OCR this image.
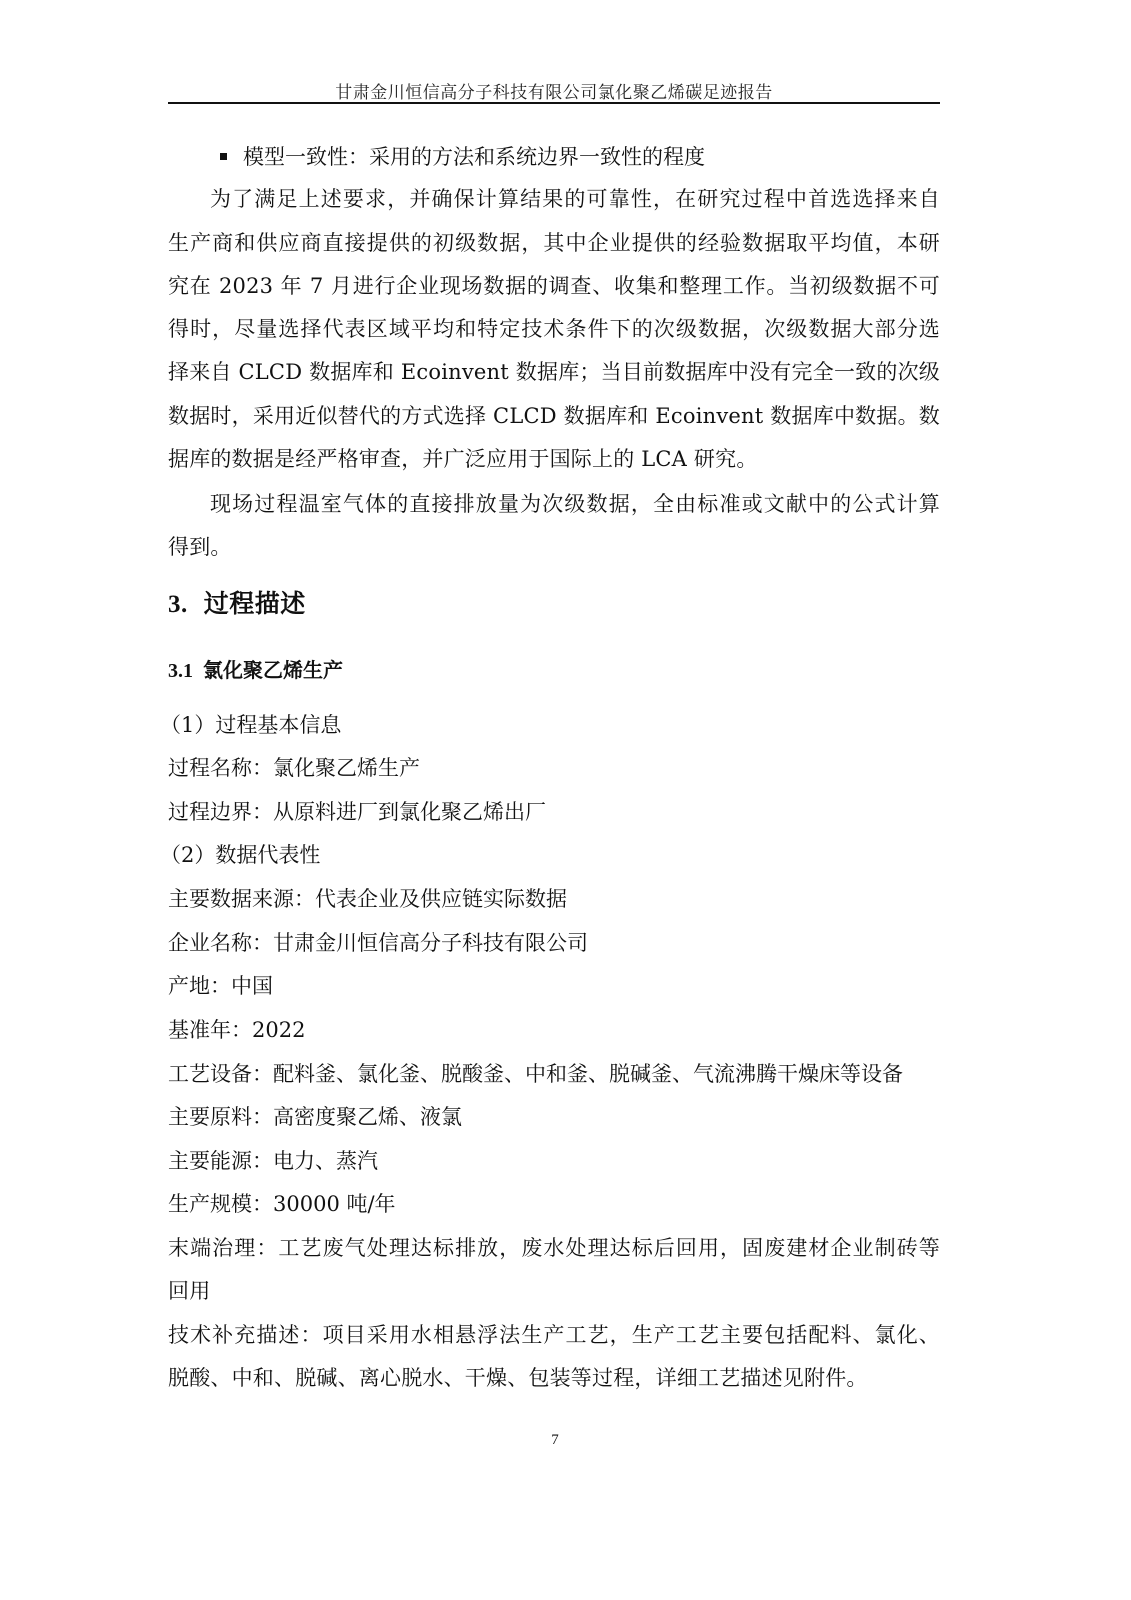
甘肃金川恒信高分子科技有限公司氯化聚乙烯碳足迹报告
模型一致性：采用的方法和系统边界一致性的程度
为了满足上述要求，并确保计算结果的可靠性，在研究过程中首选选择来自
生产商和供应商直接提供的初级数据，其中企业提供的经验数据取平均值，本研
究在 2023 年 7 月进行企业现场数据的调查、收集和整理工作。当初级数据不可
得时，尽量选择代表区域平均和特定技术条件下的次级数据，次级数据大部分选
择来自 CLCD 数据库和 Ecoinvent 数据库；当目前数据库中没有完全一致的次级
数据时，采用近似替代的方式选择 CLCD 数据库和 Ecoinvent 数据库中数据。数
据库的数据是经严格审查，并广泛应用于国际上的 LCA 研究。
现场过程温室气体的直接排放量为次级数据，全由标准或文献中的公式计算
得到。
3. 过程描述
3.1 氯化聚乙烯生产
（1）过程基本信息
过程名称：氯化聚乙烯生产
过程边界：从原料进厂到氯化聚乙烯出厂
（2）数据代表性
主要数据来源：代表企业及供应链实际数据
企业名称：甘肃金川恒信高分子科技有限公司
产地：中国
基准年：2022
工艺设备：配料釜、氯化釜、脱酸釜、中和釜、脱碱釜、气流沸腾干燥床等设备
主要原料：高密度聚乙烯、液氯
主要能源：电力、蒸汽
生产规模：30000 吨/年
末端治理：工艺废气处理达标排放，废水处理达标后回用，固废建材企业制砖等
回用
技术补充描述：项目采用水相悬浮法生产工艺，生产工艺主要包括配料、氯化、
脱酸、中和、脱碱、离心脱水、干燥、包装等过程，详细工艺描述见附件。
7
